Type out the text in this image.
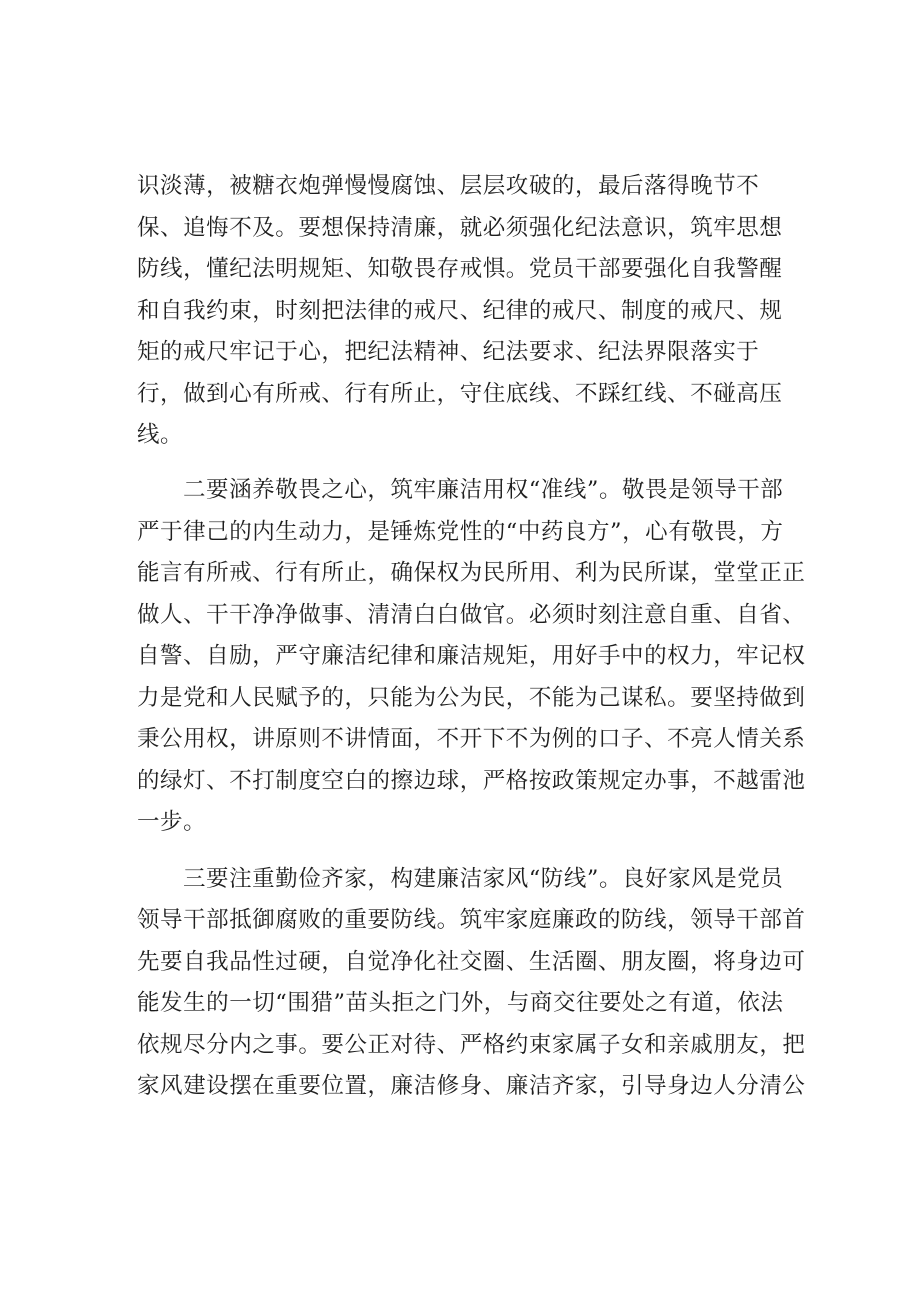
识淡薄，被糖衣炮弹慢慢腐蚀、层层攻破的，最后落得晚节不

保、追悔不及。要想保持清廉，就必须强化纪法意识，筑牢思想

防线，懂纪法明规矩、知敬畏存戒惧。党员干部要强化自我警醒

和自我约束，时刻把法律的戒尺、纪律的戒尺、制度的戒尺、规

矩的戒尺牢记于心，把纪法精神、纪法要求、纪法界限落实于

行，做到心有所戒、行有所止，守住底线、不踩红线、不碰高压

线。

二要涵养敬畏之心，筑牢廉洁用权“准线”。敬畏是领导干部

严于律己的内生动力，是锤炼党性的“中药良方”，心有敬畏，方

能言有所戒、行有所止，确保权为民所用、利为民所谋，堂堂正正

做人、干干净净做事、清清白白做官。必须时刻注意自重、自省、

自警、自励，严守廉洁纪律和廉洁规矩，用好手中的权力，牢记权

力是党和人民赋予的，只能为公为民，不能为己谋私。要坚持做到

秉公用权，讲原则不讲情面，不开下不为例的口子、不亮人情关系

的绿灯、不打制度空白的擦边球，严格按政策规定办事，不越雷池

一步。

三要注重勤俭齐家，构建廉洁家风“防线”。良好家风是党员

领导干部抵御腐败的重要防线。筑牢家庭廉政的防线，领导干部首

先要自我品性过硬，自觉净化社交圈、生活圈、朋友圈，将身边可

能发生的一切“围猎”苗头拒之门外，与商交往要处之有道，依法

依规尽分内之事。要公正对待、严格约束家属子女和亲戚朋友，把

家风建设摆在重要位置，廉洁修身、廉洁齐家，引导身边人分清公
